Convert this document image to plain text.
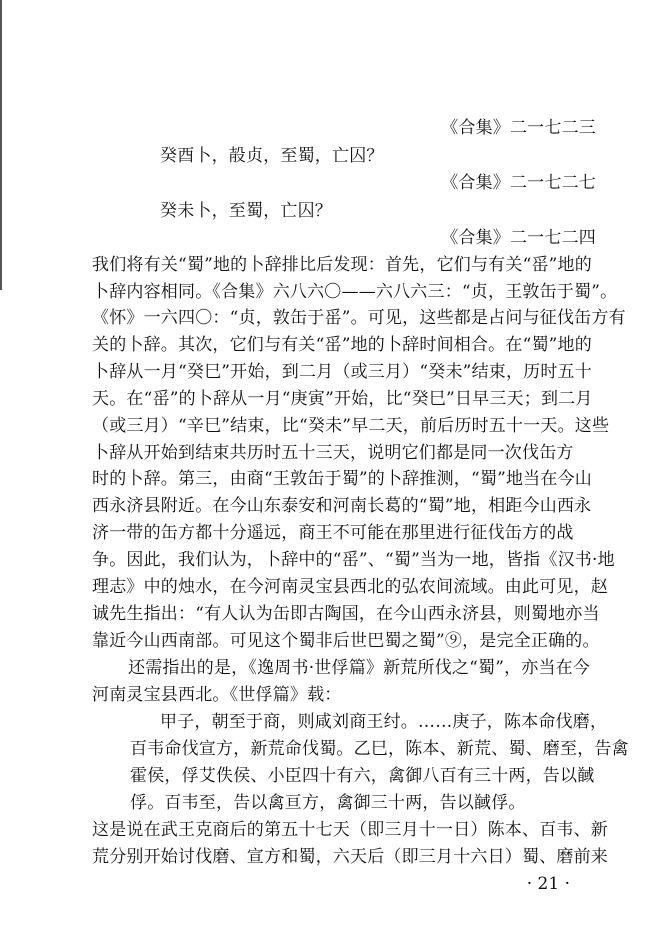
《合集》二一七二三
癸酉卜，㱿贞，至蜀，亡囚？
《合集》二一七二七
癸未卜，至蜀，亡囚？
《合集》二一七二四
我们将有关“蜀”地的卜辞排比后发现：首先，它们与有关“䍃”地的
卜辞内容相同。《合集》六八六〇——六八六三：“贞，王敦缶于蜀”。
《怀》一六四〇：“贞，敦缶于䍃”。可见，这些都是占问与征伐缶方有
关的卜辞。其次，它们与有关“䍃”地的卜辞时间相合。在“蜀”地的
卜辞从一月“癸巳”开始，到二月（或三月）“癸未”结束，历时五十
天。在“䍃”的卜辞从一月“庚寅”开始，比“癸巳”日早三天；到二月
（或三月）“辛巳”结束，比“癸未”早二天，前后历时五十一天。这些
卜辞从开始到结束共历时五十三天，说明它们都是同一次伐缶方
时的卜辞。第三，由商“王敦缶于蜀”的卜辞推测，“蜀”地当在今山
西永济县附近。在今山东泰安和河南长葛的“蜀”地，相距今山西永
济一带的缶方都十分遥远，商王不可能在那里进行征伐缶方的战
争。因此，我们认为，卜辞中的“䍃”、“蜀”当为一地，皆指《汉书·地
理志》中的烛水，在今河南灵宝县西北的弘农间流域。由此可见，赵
诚先生指出：“有人认为缶即古陶国，在今山西永济县，则蜀地亦当
靠近今山西南部。可见这个蜀非后世巴蜀之蜀”⑨，是完全正确的。
还需指出的是，《逸周书·世俘篇》新荒所伐之“蜀”，亦当在今
河南灵宝县西北。《世俘篇》载：
甲子，朝至于商，则咸刘商王纣。……庚子，陈本命伐磨，
百韦命伐宣方，新荒命伐蜀。乙巳，陈本、新荒、蜀、磨至，告禽
霍侯，俘艾佚侯、小臣四十有六，禽御八百有三十两，告以馘
俘。百韦至，告以禽亘方，禽御三十两，告以馘俘。
这是说在武王克商后的第五十七天（即三月十一日）陈本、百韦、新
荒分别开始讨伐磨、宣方和蜀，六天后（即三月十六日）蜀、磨前来
· 21 ·
